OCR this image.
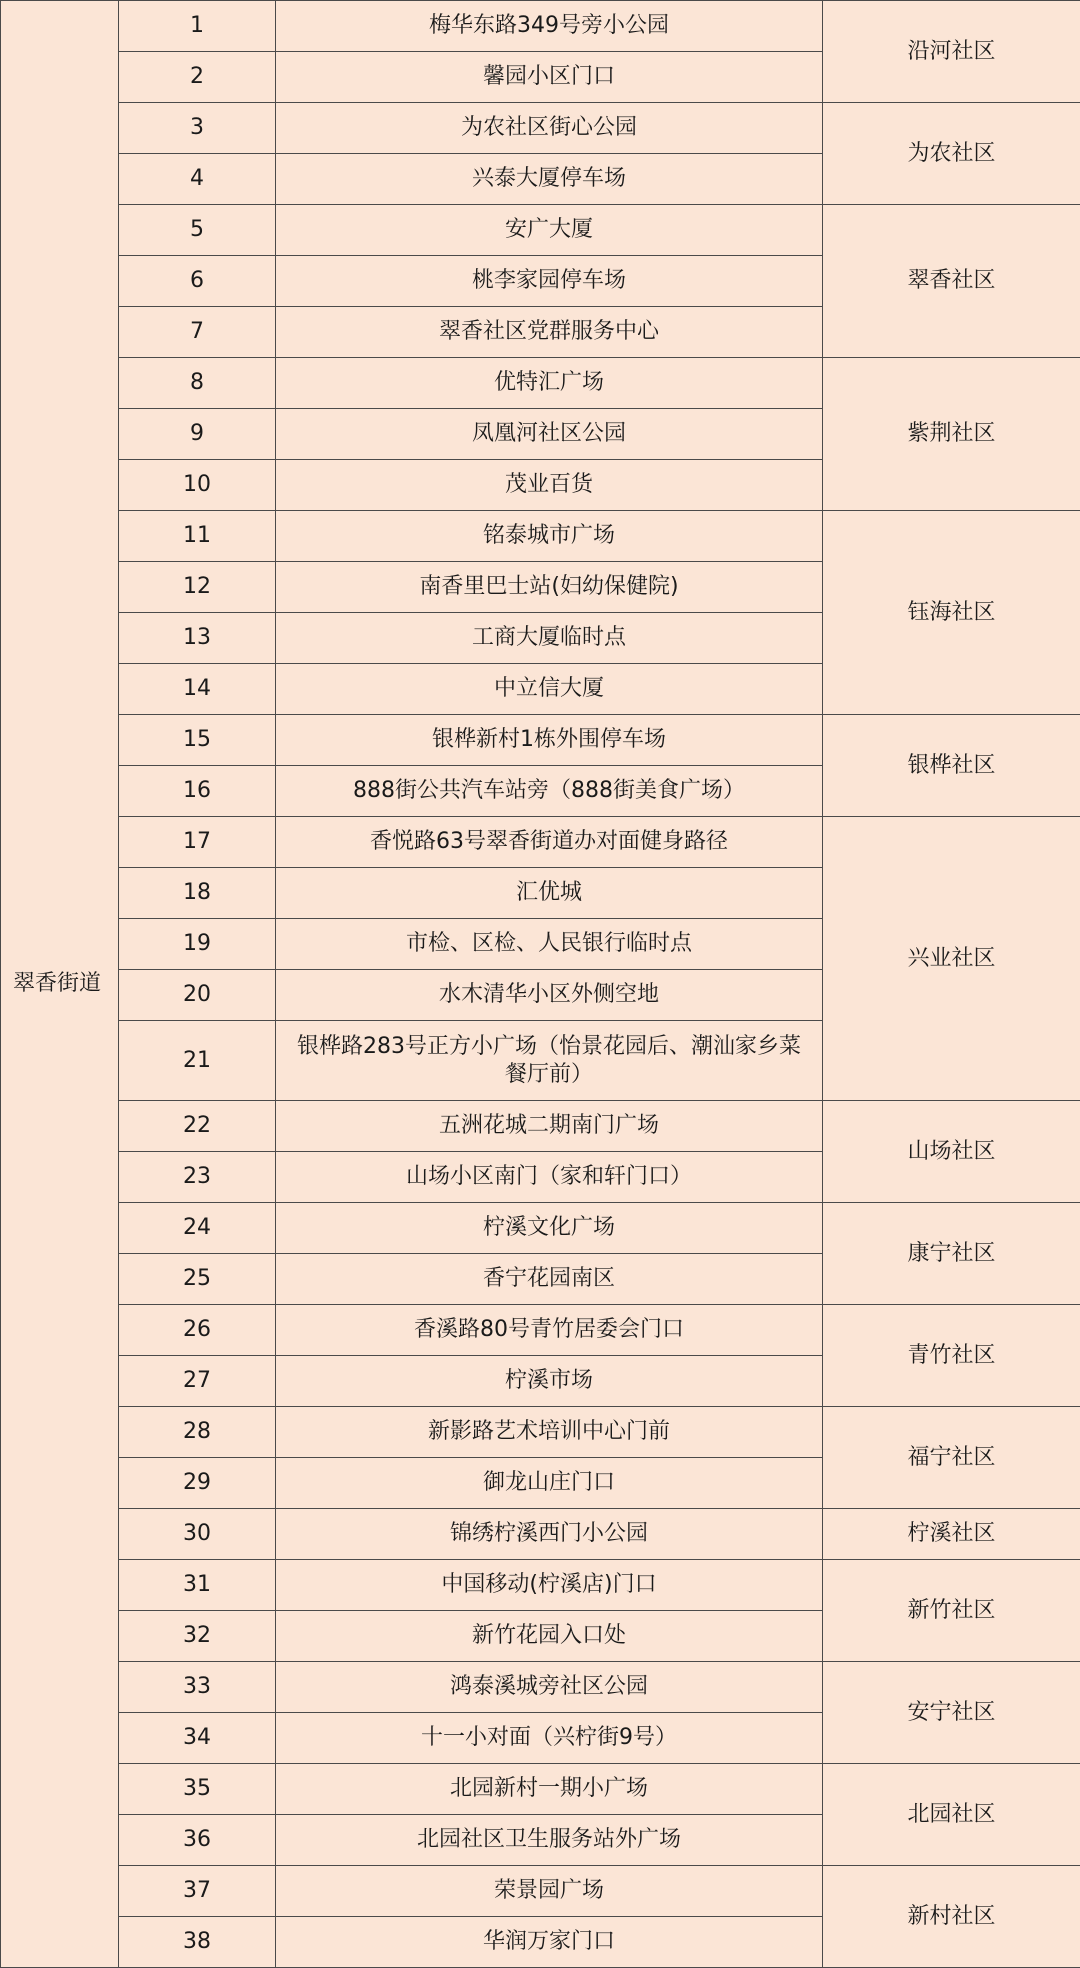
翠香街道	1	梅华东路349号旁小公园	沿河社区
	2	馨园小区门口	
	3	为农社区街心公园	为农社区
	4	兴泰大厦停车场	
	5	安广大厦	翠香社区
	6	桃李家园停车场	
	7	翠香社区党群服务中心	
	8	优特汇广场	紫荆社区
	9	凤凰河社区公园	
	10	茂业百货	
	11	铭泰城市广场	钰海社区
	12	南香里巴士站(妇幼保健院)	
	13	工商大厦临时点	
	14	中立信大厦	
	15	银桦新村1栋外围停车场	银桦社区
	16	888街公共汽车站旁（888街美食广场）	
	17	香悦路63号翠香街道办对面健身路径	兴业社区
	18	汇优城	
	19	市检、区检、人民银行临时点	
	20	水木清华小区外侧空地	
	21	银桦路283号正方小广场（怡景花园后、潮汕家乡菜餐厅前）	
	22	五洲花城二期南门广场	山场社区
	23	山场小区南门（家和轩门口）	
	24	柠溪文化广场	康宁社区
	25	香宁花园南区	
	26	香溪路80号青竹居委会门口	青竹社区
	27	柠溪市场	
	28	新影路艺术培训中心门前	福宁社区
	29	御龙山庄门口	
	30	锦绣柠溪西门小公园	柠溪社区
	31	中国移动(柠溪店)门口	新竹社区
	32	新竹花园入口处	
	33	鸿泰溪城旁社区公园	安宁社区
	34	十一小对面（兴柠街9号）	
	35	北园新村一期小广场	北园社区
	36	北园社区卫生服务站外广场	
	37	荣景园广场	新村社区
	38	华润万家门口	
